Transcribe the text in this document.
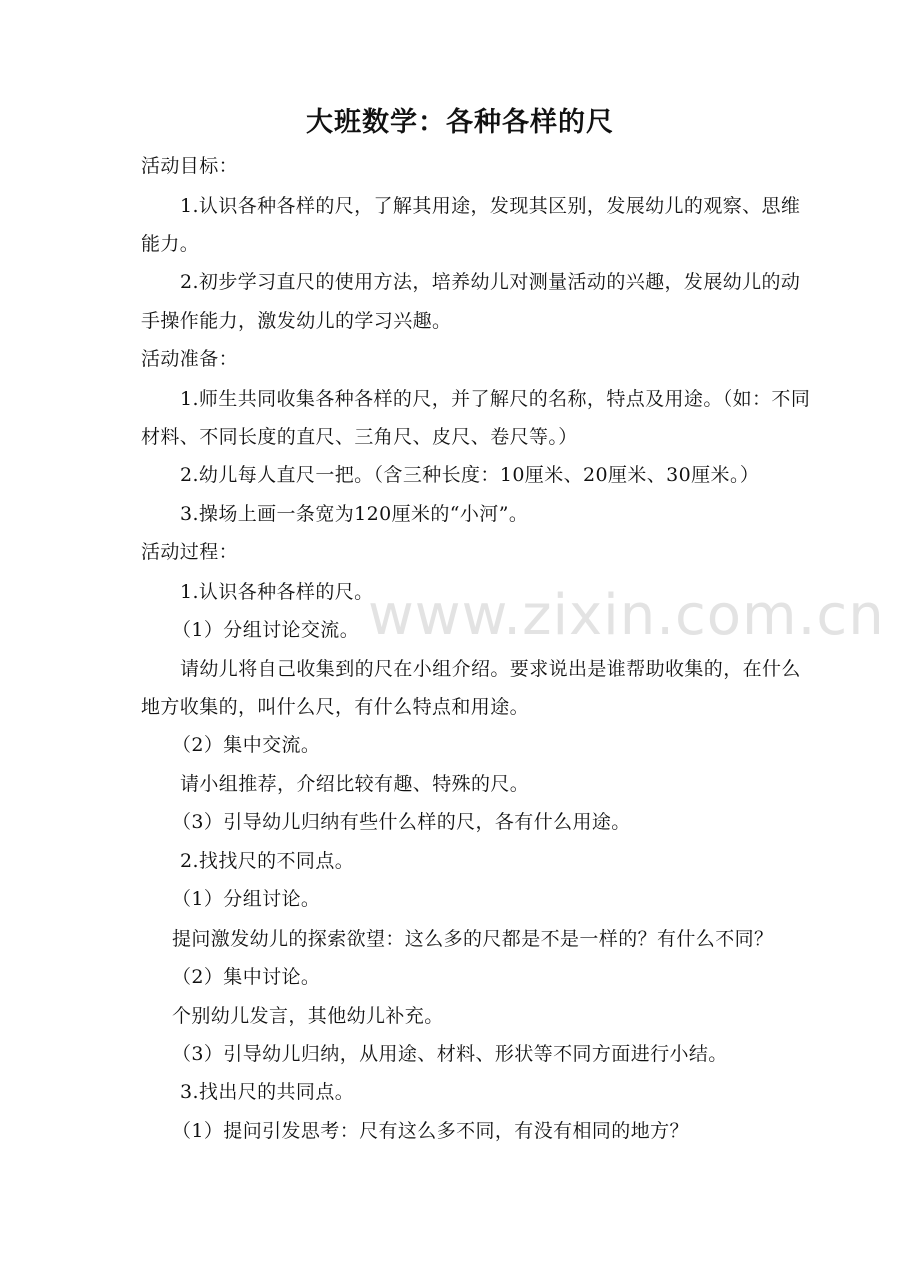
大班数学：各种各样的尺
www.zixin.com.cn
活动目标：
1.认识各种各样的尺，了解其用途，发现其区别，发展幼儿的观察、思维
能力。
2.初步学习直尺的使用方法，培养幼儿对测量活动的兴趣，发展幼儿的动
手操作能力，激发幼儿的学习兴趣。
活动准备：
1.师生共同收集各种各样的尺，并了解尺的名称，特点及用途。（如：不同
材料、不同长度的直尺、三角尺、皮尺、卷尺等。）
2.幼儿每人直尺一把。（含三种长度：10厘米、20厘米、30厘米。）
3.操场上画一条宽为120厘米的“小河”。
活动过程：
1.认识各种各样的尺。
（1）分组讨论交流。
请幼儿将自己收集到的尺在小组介绍。要求说出是谁帮助收集的，在什么
地方收集的，叫什么尺，有什么特点和用途。
（2）集中交流。
请小组推荐，介绍比较有趣、特殊的尺。
（3）引导幼儿归纳有些什么样的尺，各有什么用途。
2.找找尺的不同点。
（1）分组讨论。
提问激发幼儿的探索欲望：这么多的尺都是不是一样的？有什么不同？
（2）集中讨论。
个别幼儿发言，其他幼儿补充。
（3）引导幼儿归纳，从用途、材料、形状等不同方面进行小结。
3.找出尺的共同点。
（1）提问引发思考：尺有这么多不同，有没有相同的地方？
